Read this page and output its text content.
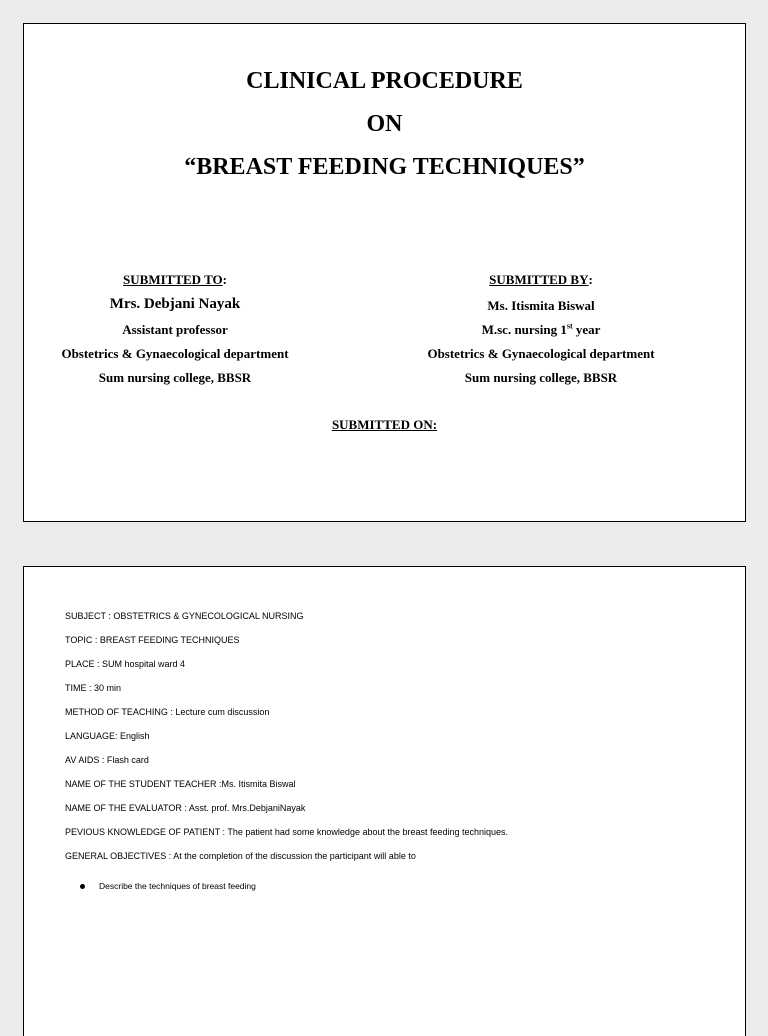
CLINICAL PROCEDURE
ON
“BREAST FEEDING TECHNIQUES”
SUBMITTED TO:
Mrs. Debjani Nayak
Assistant professor
Obstetrics & Gynaecological department
Sum nursing college, BBSR
SUBMITTED BY:
Ms. Itismita Biswal
M.sc. nursing 1st year
Obstetrics & Gynaecological department
Sum nursing college, BBSR
SUBMITTED ON:
SUBJECT : OBSTETRICS & GYNECOLOGICAL NURSING
TOPIC : BREAST FEEDING TECHNIQUES
PLACE : SUM hospital ward 4
TIME : 30 min
METHOD OF TEACHING : Lecture cum discussion
LANGUAGE: English
AV AIDS : Flash card
NAME OF THE STUDENT TEACHER :Ms. Itismita Biswal
NAME OF THE EVALUATOR : Asst. prof. Mrs.DebjaniNayak
PEVIOUS KNOWLEDGE OF PATIENT : The patient had some knowledge about the breast feeding techniques.
GENERAL OBJECTIVES : At the completion of the discussion the participant will able to
Describe the techniques of breast feeding
